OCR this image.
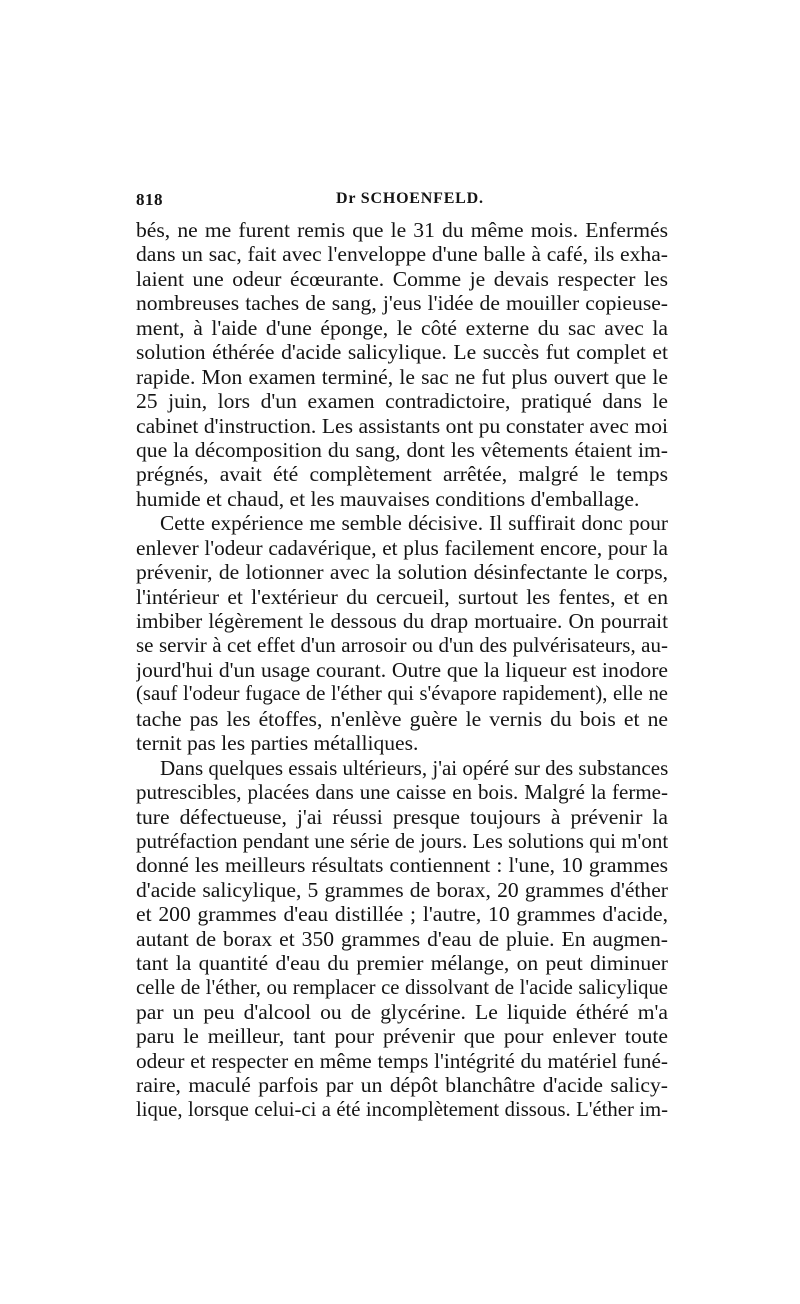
818	Dr SCHOENFELD.
bés, ne me furent remis que le 31 du même mois. Enfermés
dans un sac, fait avec l'enveloppe d'une balle à café, ils exha-
laient une odeur écœurante. Comme je devais respecter les
nombreuses taches de sang, j'eus l'idée de mouiller copieuse-
ment, à l'aide d'une éponge, le côté externe du sac avec la
solution éthérée d'acide salicylique. Le succès fut complet et
rapide. Mon examen terminé, le sac ne fut plus ouvert que le
25 juin, lors d'un examen contradictoire, pratiqué dans le
cabinet d'instruction. Les assistants ont pu constater avec moi
que la décomposition du sang, dont les vêtements étaient im-
prégnés, avait été complètement arrêtée, malgré le temps
humide et chaud, et les mauvaises conditions d'emballage.
Cette expérience me semble décisive. Il suffirait donc pour
enlever l'odeur cadavérique, et plus facilement encore, pour la
prévenir, de lotionner avec la solution désinfectante le corps,
l'intérieur et l'extérieur du cercueil, surtout les fentes, et en
imbiber légèrement le dessous du drap mortuaire. On pourrait
se servir à cet effet d'un arrosoir ou d'un des pulvérisateurs, au-
jourd'hui d'un usage courant. Outre que la liqueur est inodore
(sauf l'odeur fugace de l'éther qui s'évapore rapidement), elle ne
tache pas les étoffes, n'enlève guère le vernis du bois et ne
ternit pas les parties métalliques.
Dans quelques essais ultérieurs, j'ai opéré sur des substances
putrescibles, placées dans une caisse en bois. Malgré la ferme-
ture défectueuse, j'ai réussi presque toujours à prévenir la
putréfaction pendant une série de jours. Les solutions qui m'ont
donné les meilleurs résultats contiennent : l'une, 10 grammes
d'acide salicylique, 5 grammes de borax, 20 grammes d'éther
et 200 grammes d'eau distillée ; l'autre, 10 grammes d'acide,
autant de borax et 350 grammes d'eau de pluie. En augmen-
tant la quantité d'eau du premier mélange, on peut diminuer
celle de l'éther, ou remplacer ce dissolvant de l'acide salicylique
par un peu d'alcool ou de glycérine. Le liquide éthéré m'a
paru le meilleur, tant pour prévenir que pour enlever toute
odeur et respecter en même temps l'intégrité du matériel funé-
raire, maculé parfois par un dépôt blanchâtre d'acide salicy-
lique, lorsque celui-ci a été incomplètement dissous. L'éther im-
